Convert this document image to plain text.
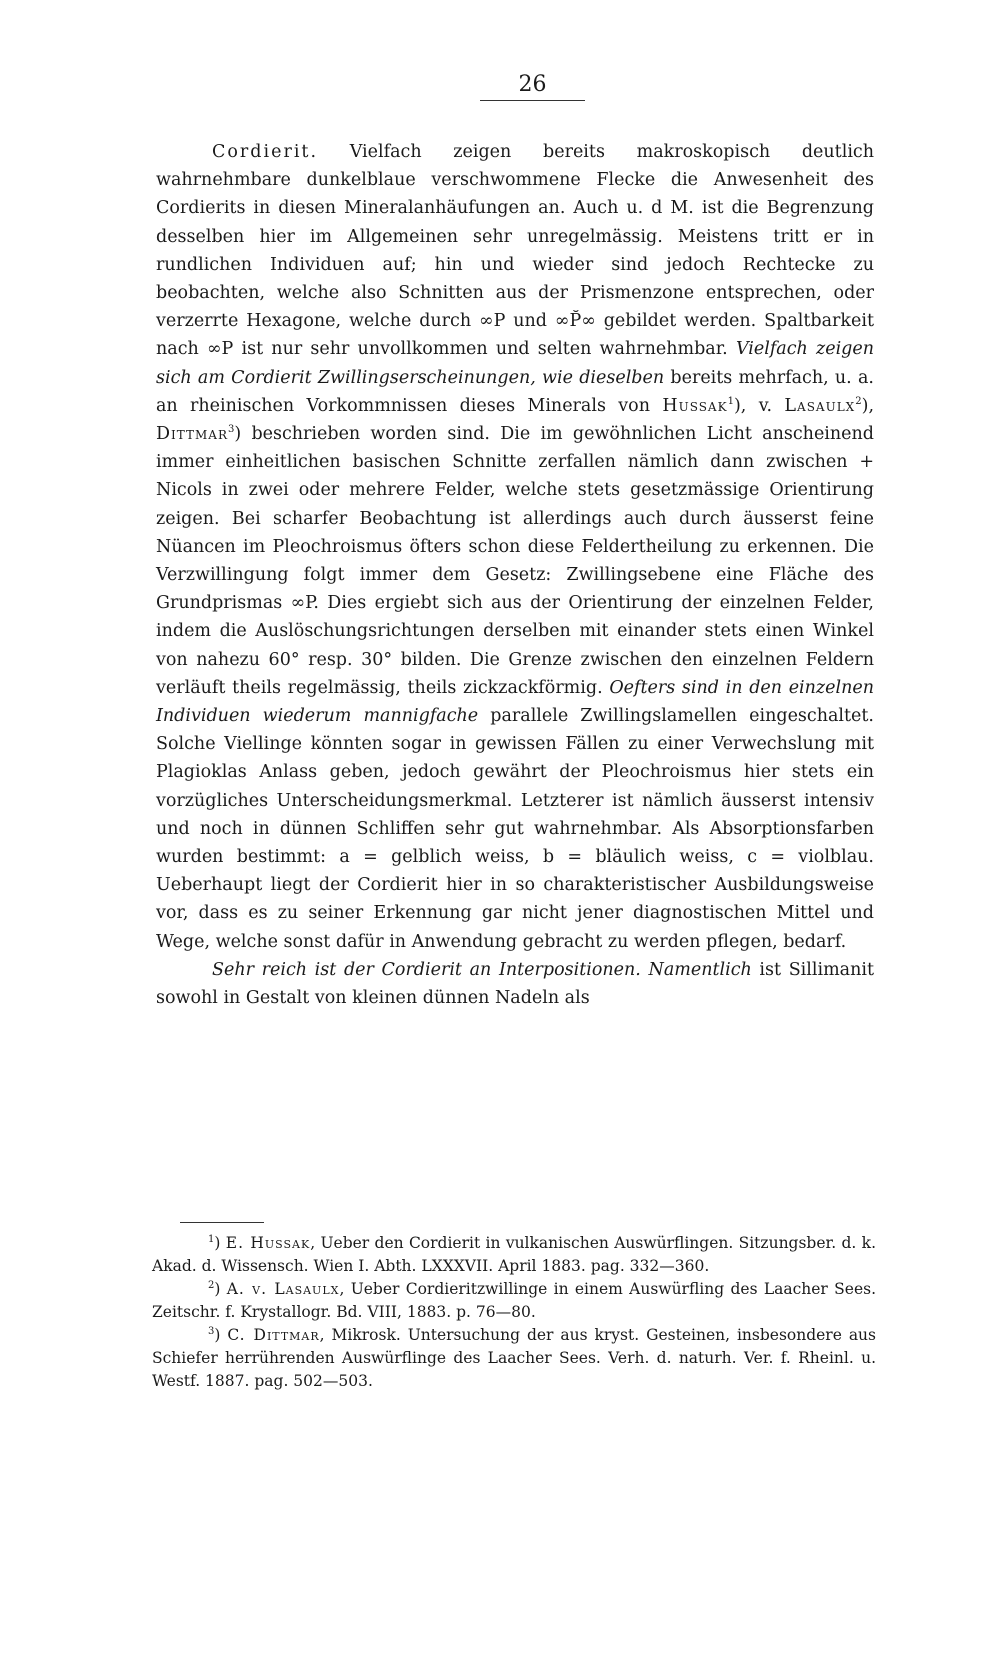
26

Cordierit. Vielfach zeigen bereits makroskopisch deutlich wahrnehmbare dunkelblaue verschwommene Flecke die Anwesenheit des Cordierits in diesen Mineralanhäufungen an. Auch u. d M. ist die Begrenzung desselben hier im Allgemeinen sehr unregelmässig. Meistens tritt er in rundlichen Individuen auf; hin und wieder sind jedoch Rechtecke zu beobachten, welche also Schnitten aus der Prismenzone entsprechen, oder verzerrte Hexagone, welche durch ∞P und ∞P̆∞ gebildet werden. Spaltbarkeit nach ∞P ist nur sehr unvollkommen und selten wahrnehmbar. Vielfach zeigen sich am Cordierit Zwillingserscheinungen, wie dieselben bereits mehrfach, u. a. an rheinischen Vorkommnissen dieses Minerals von Hussak$^1$), v. Lasaulx$^2$), Dittmar$^3$) beschrieben worden sind. Die im gewöhnlichen Licht anscheinend immer einheitlichen basischen Schnitte zerfallen nämlich dann zwischen + Nicols in zwei oder mehrere Felder, welche stets gesetzmässige Orientirung zeigen. Bei scharfer Beobachtung ist allerdings auch durch äusserst feine Nüancen im Pleochroismus öfters schon diese Feldertheilung zu erkennen. Die Verzwillingung folgt immer dem Gesetz: Zwillingsebene eine Fläche des Grundprismas ∞P. Dies ergiebt sich aus der Orientirung der einzelnen Felder, indem die Auslöschungsrichtungen derselben mit einander stets einen Winkel von nahezu 60° resp. 30° bilden. Die Grenze zwischen den einzelnen Feldern verläuft theils regelmässig, theils zickzackförmig. Oefters sind in den einzelnen Individuen wiederum mannigfache parallele Zwillingslamellen eingeschaltet. Solche Viellinge könnten sogar in gewissen Fällen zu einer Verwechslung mit Plagioklas Anlass geben, jedoch gewährt der Pleochroismus hier stets ein vorzügliches Unterscheidungsmerkmal. Letzterer ist nämlich äusserst intensiv und noch in dünnen Schliffen sehr gut wahrnehmbar. Als Absorptionsfarben wurden bestimmt: a = gelblich weiss, b = bläulich weiss, c = violblau. Ueberhaupt liegt der Cordierit hier in so charakteristischer Ausbildungsweise vor, dass es zu seiner Erkennung gar nicht jener diagnostischen Mittel und Wege, welche sonst dafür in Anwendung gebracht zu werden pflegen, bedarf.

Sehr reich ist der Cordierit an Interpositionen. Namentlich ist Sillimanit sowohl in Gestalt von kleinen dünnen Nadeln als

$^1$) E. Hussak, Ueber den Cordierit in vulkanischen Auswürflingen. Sitzungsber. d. k. Akad. d. Wissensch. Wien I. Abth. LXXXVII. April 1883. pag. 332—360.

$^2$) A. v. Lasaulx, Ueber Cordieritzwillinge in einem Auswürfling des Laacher Sees. Zeitschr. f. Krystallogr. Bd. VIII, 1883. p. 76—80.

$^3$) C. Dittmar, Mikrosk. Untersuchung der aus kryst. Gesteinen, insbesondere aus Schiefer herrührenden Auswürflinge des Laacher Sees. Verh. d. naturh. Ver. f. Rheinl. u. Westf. 1887. pag. 502—503.
